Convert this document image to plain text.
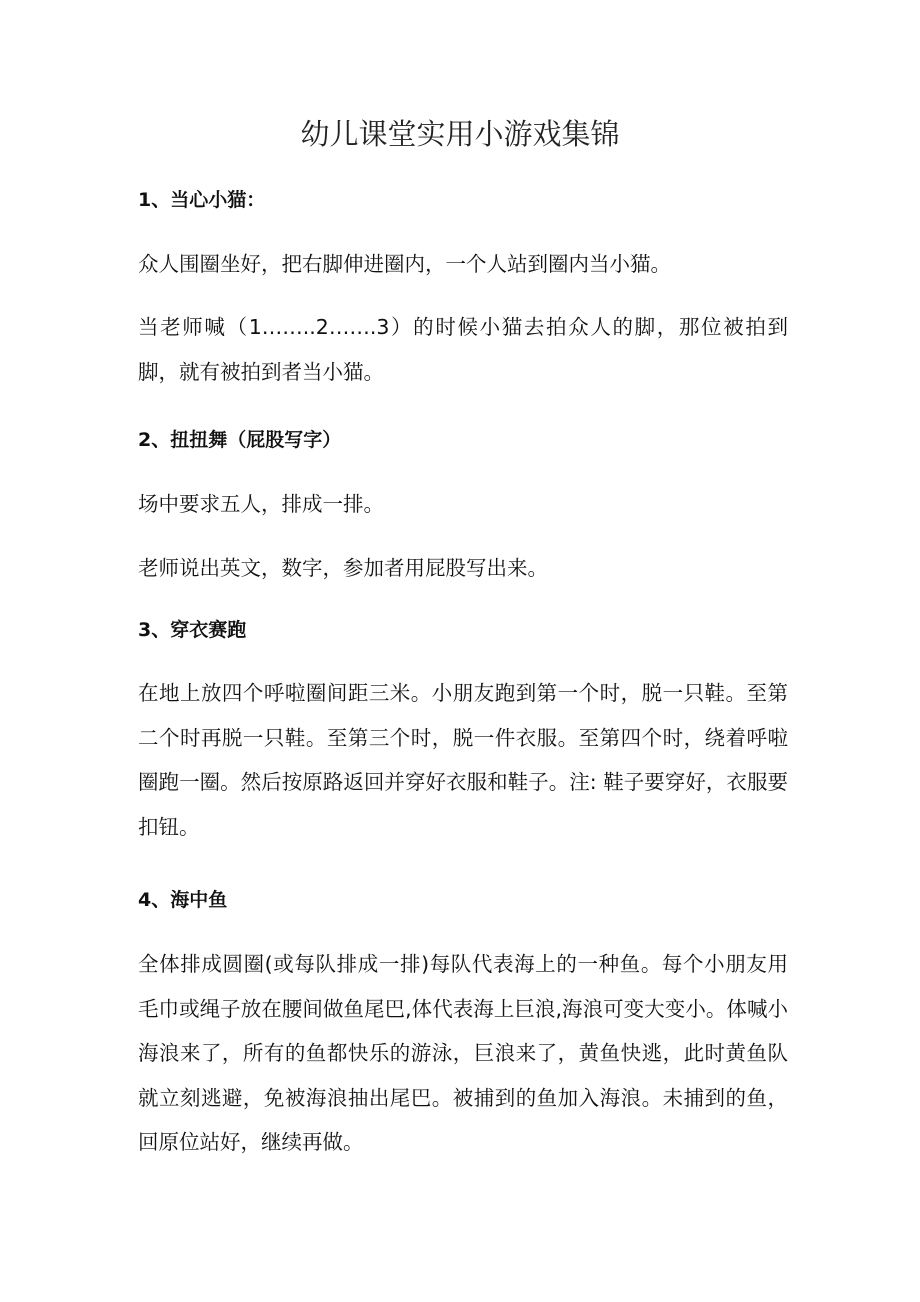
幼儿课堂实用小游戏集锦
1、当心小猫：

众人围圈坐好，把右脚伸进圈内，一个人站到圈内当小猫。

当老师喊（1……..2…….3）的时候小猫去拍众人的脚，那位被拍到脚，就有被拍到者当小猫。

2、扭扭舞（屁股写字）

场中要求五人，排成一排。

老师说出英文，数字，参加者用屁股写出来。

3、穿衣赛跑

在地上放四个呼啦圈间距三米。小朋友跑到第一个时，脱一只鞋。至第二个时再脱一只鞋。至第三个时，脱一件衣服。至第四个时，绕着呼啦圈跑一圈。然后按原路返回并穿好衣服和鞋子。注: 鞋子要穿好，衣服要扣钮。

4、海中鱼

全体排成圆圈(或每队排成一排)每队代表海上的一种鱼。每个小朋友用毛巾或绳子放在腰间做鱼尾巴,体代表海上巨浪,海浪可变大变小。体喊小海浪来了，所有的鱼都快乐的游泳，巨浪来了，黄鱼快逃，此时黄鱼队就立刻逃避，免被海浪抽出尾巴。被捕到的鱼加入海浪。未捕到的鱼，回原位站好，继续再做。
